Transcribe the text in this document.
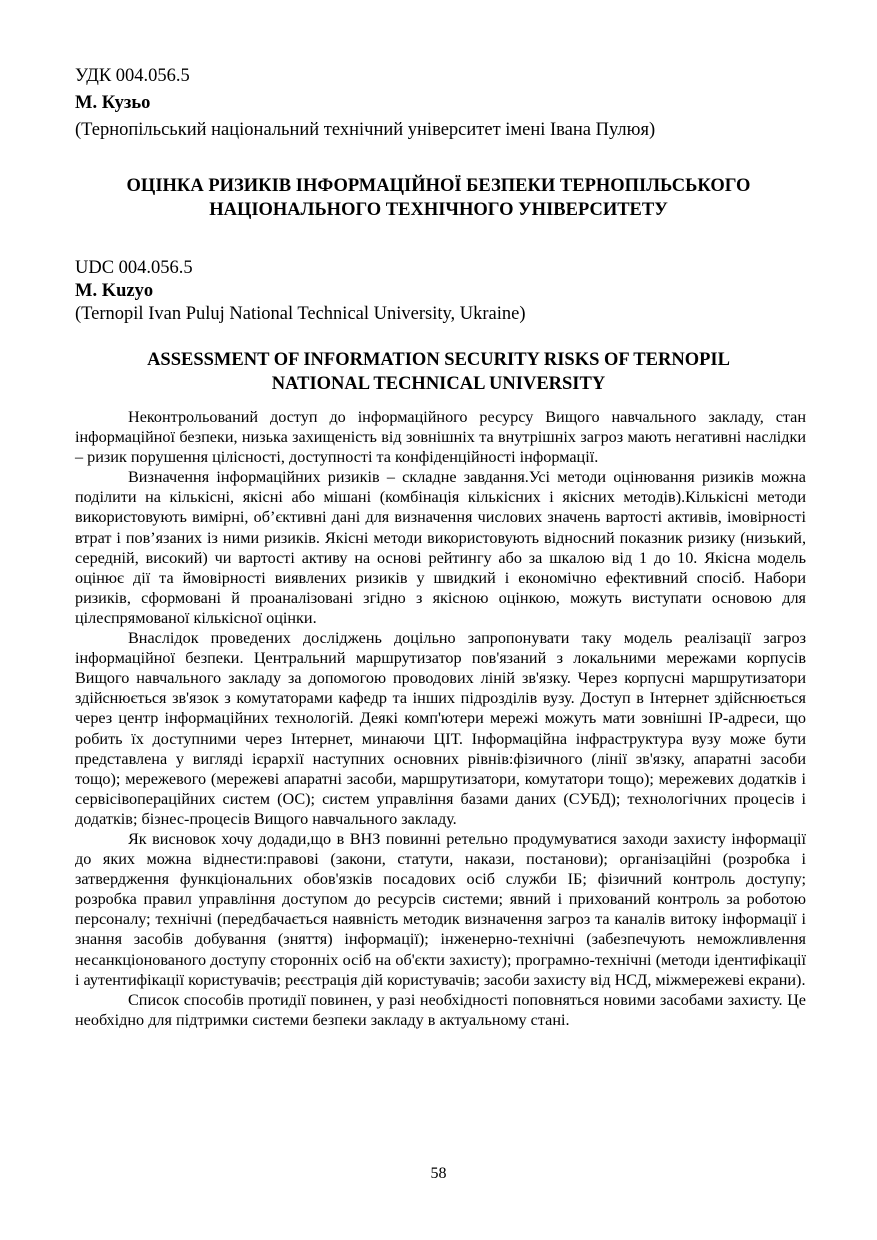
УДК 004.056.5
М. Кузьо
(Тернопільський національний технічний університет імені Івана Пулюя)
ОЦІНКА РИЗИКІВ ІНФОРМАЦІЙНОЇ БЕЗПЕКИ ТЕРНОПІЛЬСЬКОГО
НАЦІОНАЛЬНОГО ТЕХНІЧНОГО УНІВЕРСИТЕТУ
UDC 004.056.5
M. Kuzyo
(Ternopil Ivan Puluj National Technical University, Ukraine)
ASSESSMENT OF INFORMATION SECURITY RISKS OF TERNOPIL
NATIONAL TECHNICAL UNIVERSITY

Неконтрольований доступ до інформаційного ресурсу Вищого навчального закладу, стан інформаційної безпеки, низька захищеність від зовнішніх та внутрішніх загроз мають негативні наслідки – ризик порушення цілісності, доступності та конфіденційності інформації.

Визначення інформаційних ризиків – складне завдання.Усі методи оцінювання ризиків можна поділити на кількісні, якісні або мішані (комбінація кількісних і якісних методів).Кількісні методи використовують вимірні, об’єктивні дані для визначення числових значень вартості активів, імовірності втрат і пов’язаних із ними ризиків. Якісні методи використовують відносний показник ризику (низький, середній, високий) чи вартості активу на основі рейтингу або за шкалою від 1 до 10. Якісна модель оцінює дії та ймовірності виявлених ризиків у швидкий і економічно ефективний спосіб. Набори ризиків, сформовані й проаналізовані згідно з якісною оцінкою, можуть виступати основою для цілеспрямованої кількісної оцінки.

Внаслідок проведених досліджень доцільно запропонувати таку модель реалізації загроз інформаційної безпеки. Центральний маршрутизатор пов'язаний з локальними мережами корпусів Вищого навчального закладу за допомогою проводових ліній зв'язку. Через корпусні маршрутизатори здійснюється зв'язок з комутаторами кафедр та інших підрозділів вузу. Доступ в Інтернет здійснюється через центр інформаційних технологій. Деякі комп'ютери мережі можуть мати зовнішні IP-адреси, що робить їх доступними через Інтернет, минаючи ЦІТ. Інформаційна інфраструктура вузу може бути представлена у вигляді ієрархії наступних основних рівнів:фізичного (лінії зв'язку, апаратні засоби тощо); мережевого (мережеві апаратні засоби, маршрутизатори, комутатори тощо); мережевих додатків і сервісівопераційних систем (ОС); систем управління базами даних (СУБД); технологічних процесів і додатків; бізнес-процесів Вищого навчального закладу.

Як висновок хочу додади,що в ВНЗ повинні ретельно продумуватися заходи захисту інформації до яких можна віднести:правові (закони, статути, накази, постанови); організаційні (розробка і затвердження функціональних обов'язків посадових осіб служби ІБ; фізичний контроль доступу; розробка правил управління доступом до ресурсів системи; явний і прихований контроль за роботою персоналу; технічні (передбачається наявність методик визначення загроз та каналів витоку інформації і знання засобів добування (зняття) інформації); інженерно-технічні (забезпечують неможливлення несанкціонованого доступу сторонніх осіб на об'єкти захисту); програмно-технічні (методи ідентифікації і аутентифікації користувачів; реєстрація дій користувачів; засоби захисту від НСД, міжмережеві екрани).

Список способів протидії повинен, у разі необхідності поповняться новими засобами захисту. Це необхідно для підтримки системи безпеки закладу в актуальному стані.

58
